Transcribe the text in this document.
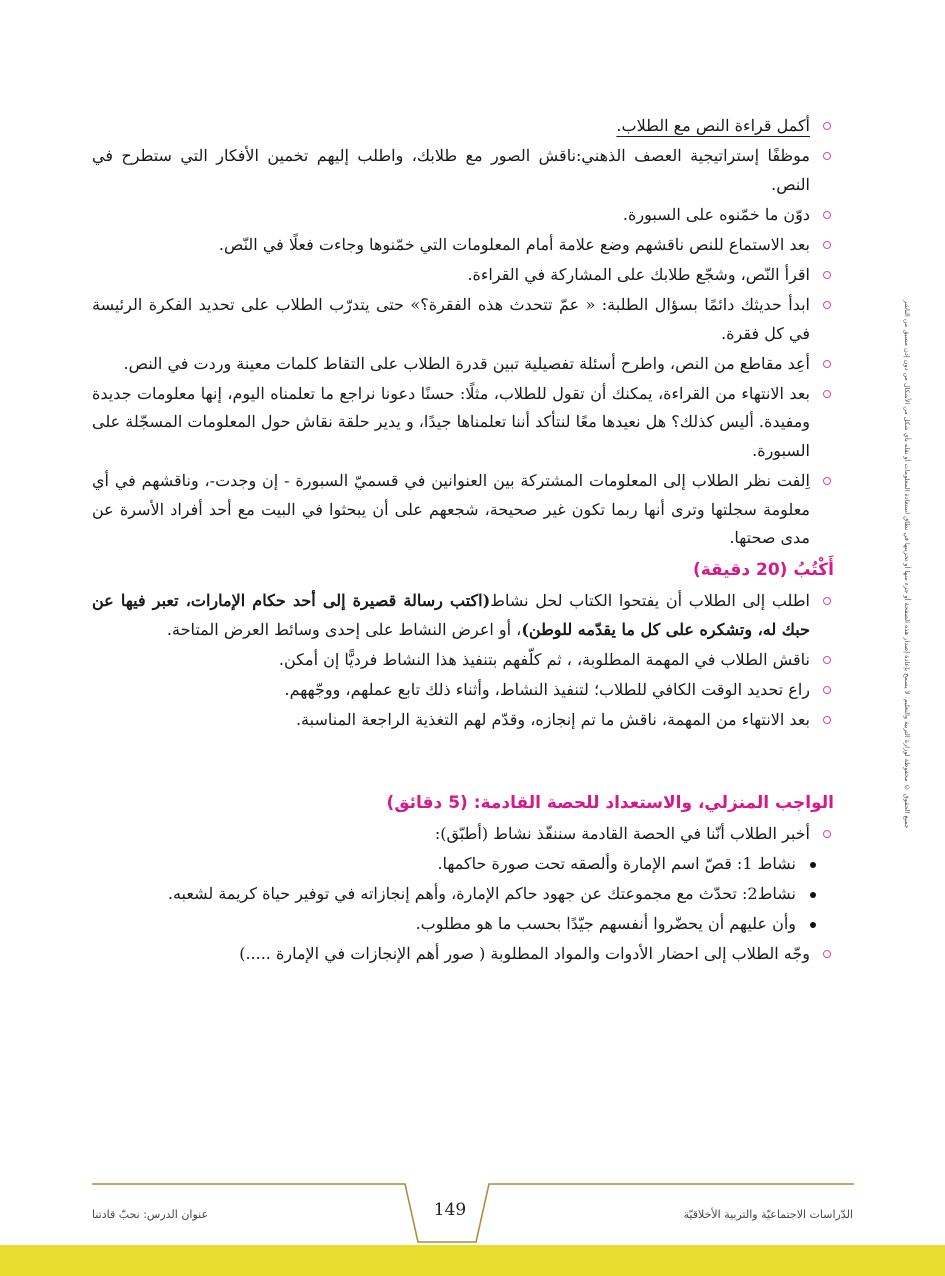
أكمل قراءة النص مع الطلاب.
موظفًا إستراتيجية العصف الذهني:ناقش الصور مع طلابك، واطلب إليهم تخمين الأفكار التي ستطرح في النص.
دوّن ما خمّنوه على السبورة.
بعد الاستماع للنص ناقشهم وضع علامة أمام المعلومات التي خمّنوها وجاءت فعلًا في النّص.
اقرأ النّص، وشجّع طلابك على المشاركة في القراءة.
ابدأ حديثك دائمًا بسؤال الطلبة: « عمّ تتحدث هذه الفقرة؟» حتى يتدرّب الطلاب على تحديد الفكرة الرئيسة في كل فقرة.
أعِد مقاطع من النص، واطرح أسئلة تفصيلية تبين قدرة الطلاب على التقاط كلمات معينة وردت في النص.
بعد الانتهاء من القراءة، يمكنك أن تقول للطلاب، مثلًا: حسنًا دعونا نراجع ما تعلمناه اليوم، إنها معلومات جديدة ومفيدة. أليس كذلك؟ هل نعيدها معًا لنتأكد أننا تعلمناها جيدًا، و يدير حلقة نقاش حول المعلومات المسجّلة على السبورة.
اِلفت نظر الطلاب إلى المعلومات المشتركة بين العنوانين في قسميّ السبورة - إن وجدت-، وناقشهم في أي معلومة سجلتها وترى أنها ربما تكون غير صحيحة، شجعهم على أن يبحثوا في البيت مع أحد أفراد الأسرة عن مدى صحتها.
أَكْتُبُ (20 دقيقة)
اطلب إلى الطلاب أن يفتحوا الكتاب لحل نشاط(اكتب رسالة قصيرة إلى أحد حكام الإمارات، تعبر فيها عن حبك له، وتشكره على كل ما يقدّمه للوطن)، أو اعرض النشاط على إحدى وسائط العرض المتاحة.
ناقش الطلاب في المهمة المطلوبة، ، ثم كلّفهم بتنفيذ هذا النشاط فرديًّا إن أمكن.
راع تحديد الوقت الكافي للطلاب؛ لتنفيذ النشاط، وأثناء ذلك تابع عملهم، ووجّههم.
بعد الانتهاء من المهمة، ناقش ما تم إنجازه، وقدّم لهم التغذية الراجعة المناسبة.
الواجب المنزلي، والاستعداد للحصة القادمة: (5 دقائق)
أخبر الطلاب أنّنا في الحصة القادمة سننفّذ نشاط (أطبّق):
نشاط 1: قصّ اسم الإمارة وألصقه تحت صورة حاكمها.
نشاط2: تحدّث مع مجموعتك عن جهود حاكم الإمارة، وأهم إنجازاته في توفير حياة كريمة لشعبه.
وأن عليهم أن يحضّروا أنفسهم جيّدًا بحسب ما هو مطلوب.
وجّه الطلاب إلى احضار الأدوات والمواد المطلوبة ( صور أهم الإنجازات في الإمارة .....)
جميع الحقوق © محفوظة لوزارة التربية والتعليم. لا يسمح بإعادة إصدار هذه الصفحة أو جزء منها أو تخزينها في نطاق استعادة المعلومات أو نقله بأي شكل من الأشكال من دون إذن مسبق من الناشر
149	الدّراسات الاجتماعيّة والتربية الأخلاقيّة
عنوان الدرس: نحبّ قادتنا
